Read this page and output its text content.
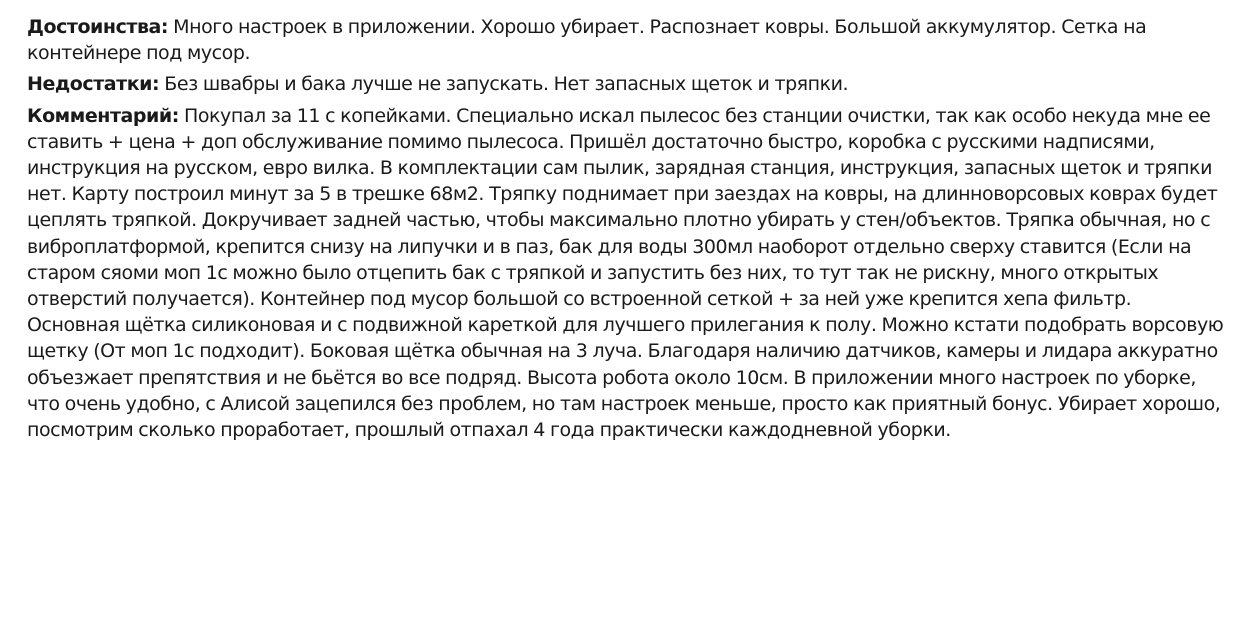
Достоинства: Много настроек в приложении. Хорошо убирает. Распознает ковры. Большой аккумулятор. Сетка на контейнере под мусор.

Недостатки: Без швабры и бака лучше не запускать. Нет запасных щеток и тряпки.

Комментарий: Покупал за 11 с копейками. Специально искал пылесос без станции очистки, так как особо некуда мне ее ставить + цена + доп обслуживание помимо пылесоса. Пришёл достаточно быстро, коробка с русскими надписями, инструкция на русском, евро вилка. В комплектации сам пылик, зарядная станция, инструкция, запасных щеток и тряпки нет. Карту построил минут за 5 в трешке 68м2. Тряпку поднимает при заездах на ковры, на длинноворсовых коврах будет цеплять тряпкой. Докручивает задней частью, чтобы максимально плотно убирать у стен/объектов. Тряпка обычная, но с виброплатформой, крепится снизу на липучки и в паз, бак для воды 300мл наоборот отдельно сверху ставится (Если на старом сяоми моп 1с можно было отцепить бак с тряпкой и запустить без них, то тут так не рискну, много открытых отверстий получается). Контейнер под мусор большой со встроенной сеткой + за ней уже крепится хепа фильтр. Основная щётка силиконовая и с подвижной кареткой для лучшего прилегания к полу. Можно кстати подобрать ворсовую щетку (От моп 1с подходит). Боковая щётка обычная на 3 луча. Благодаря наличию датчиков, камеры и лидара аккуратно объезжает препятствия и не бьётся во все подряд. Высота робота около 10см. В приложении много настроек по уборке, что очень удобно, с Алисой зацепился без проблем, но там настроек меньше, просто как приятный бонус. Убирает хорошо, посмотрим сколько проработает, прошлый отпахал 4 года практически каждодневной уборки.
